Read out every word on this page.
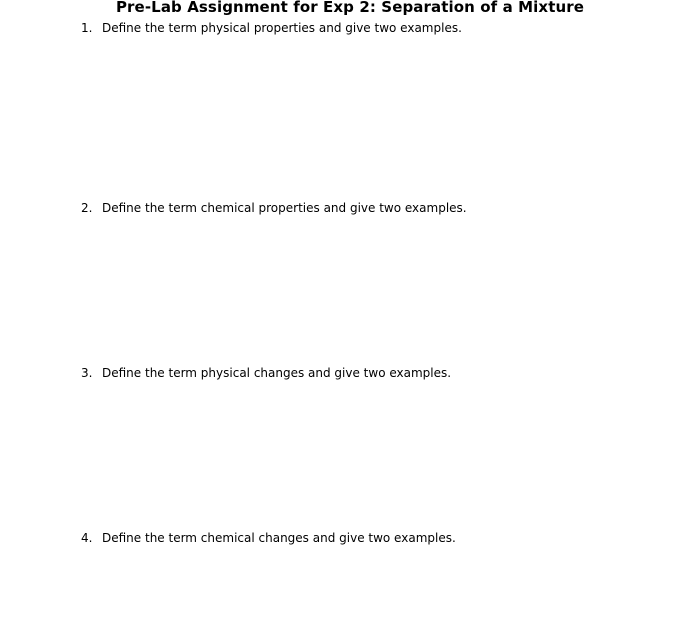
Pre-Lab Assignment for Exp 2: Separation of a Mixture
1. Define the term physical properties and give two examples.
2. Define the term chemical properties and give two examples.
3. Define the term physical changes and give two examples.
4. Define the term chemical changes and give two examples.
